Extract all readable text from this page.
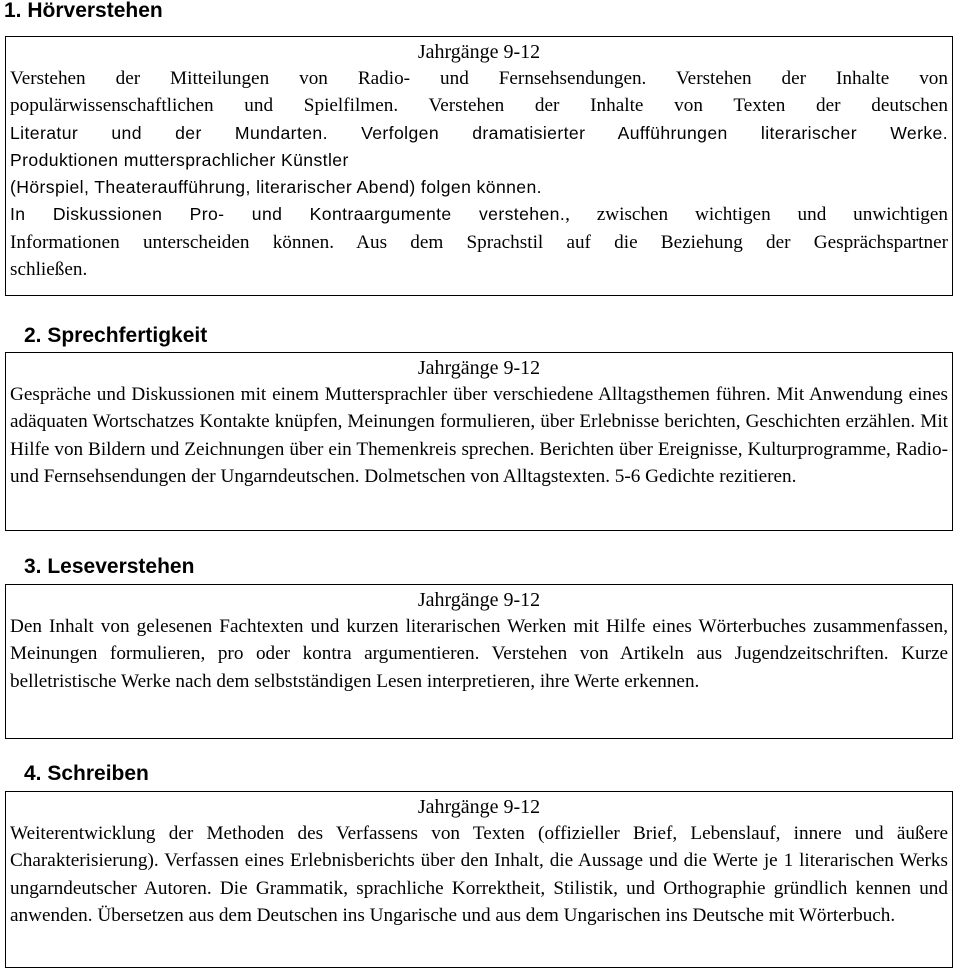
1. Hörverstehen
Jahrgänge 9-12
Verstehen der Mitteilungen von Radio- und Fernsehsendungen. Verstehen der Inhalte von
populärwissenschaftlichen und Spielfilmen. Verstehen der Inhalte von Texten der deutschen
Literatur und der Mundarten. Verfolgen dramatisierter Aufführungen literarischer Werke.
Produktionen muttersprachlicher Künstler
(Hörspiel, Theateraufführung, literarischer Abend) folgen können.
In Diskussionen Pro- und Kontraargumente verstehen., zwischen wichtigen und unwichtigen
Informationen unterscheiden können. Aus dem Sprachstil auf die Beziehung der Gesprächspartner
schließen.
2. Sprechfertigkeit
Jahrgänge 9-12
Gespräche und Diskussionen mit einem Muttersprachler über verschiedene Alltagsthemen führen. Mit Anwendung eines adäquaten Wortschatzes Kontakte knüpfen, Meinungen formulieren, über Erlebnisse berichten, Geschichten erzählen. Mit Hilfe von Bildern und Zeichnungen über ein Themenkreis sprechen. Berichten über Ereignisse, Kulturprogramme, Radio- und Fernsehsendungen der Ungarndeutschen. Dolmetschen von Alltagstexten. 5-6 Gedichte rezitieren.
3. Leseverstehen
Jahrgänge 9-12
Den Inhalt von gelesenen Fachtexten und kurzen literarischen Werken mit Hilfe eines Wörterbuches zusammenfassen, Meinungen formulieren, pro oder kontra argumentieren. Verstehen von Artikeln aus Jugendzeitschriften. Kurze belletristische Werke nach dem selbstständigen Lesen interpretieren, ihre Werte erkennen.
4. Schreiben
Jahrgänge 9-12
Weiterentwicklung der Methoden des Verfassens von Texten (offizieller Brief, Lebenslauf, innere und äußere Charakterisierung). Verfassen eines Erlebnisberichts über den Inhalt, die Aussage und die Werte je 1 literarischen Werks ungarndeutscher Autoren. Die Grammatik, sprachliche Korrektheit, Stilistik, und Orthographie gründlich kennen und anwenden. Übersetzen aus dem Deutschen ins Ungarische und aus dem Ungarischen ins Deutsche mit Wörterbuch.
